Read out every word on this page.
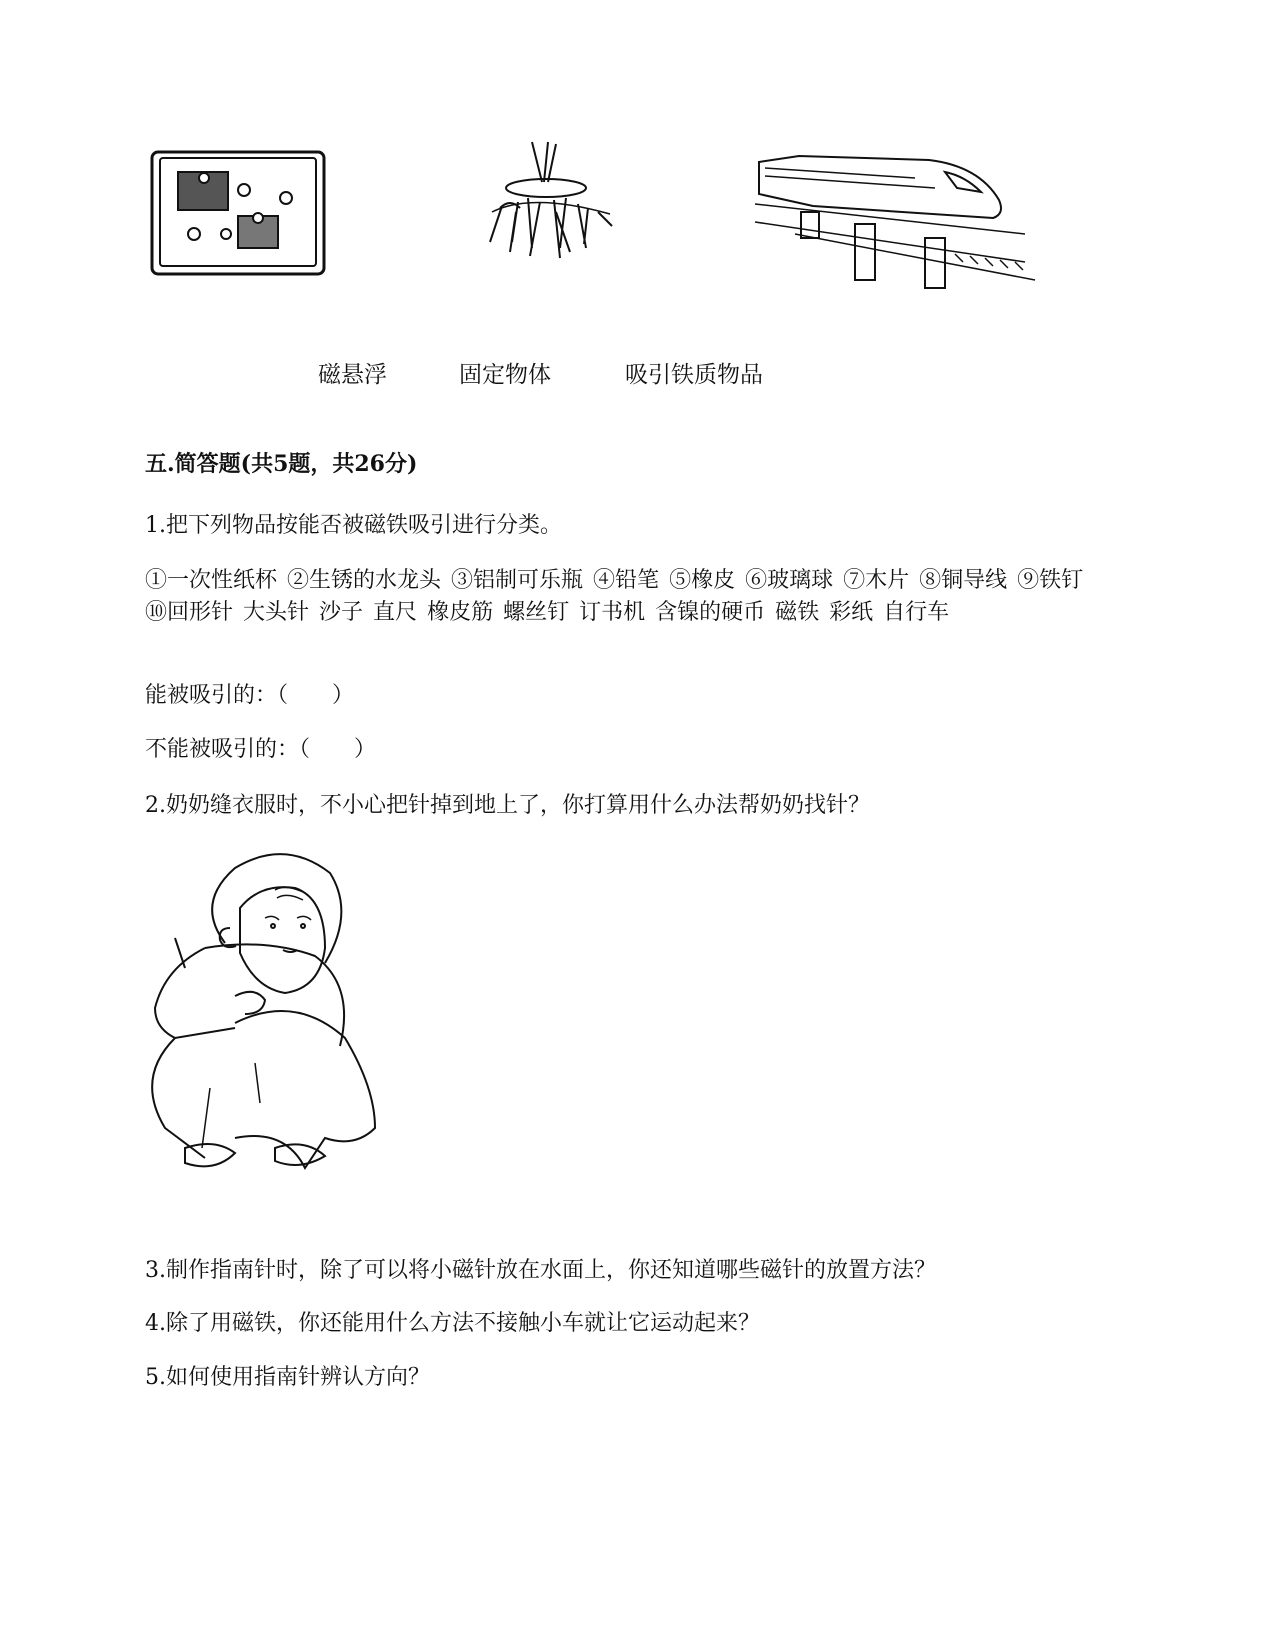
磁悬浮	固定物体	吸引铁质物品
五.简答题(共5题，共26分)
1.把下列物品按能否被磁铁吸引进行分类。
①一次性纸杯 ②生锈的水龙头 ③铝制可乐瓶 ④铅笔 ⑤橡皮 ⑥玻璃球 ⑦木片 ⑧铜导线 ⑨铁钉⑩回形针 大头针 沙子 直尺 橡皮筋 螺丝钉 订书机 含镍的硬币 磁铁 彩纸 自行车
能被吸引的：（　　）
不能被吸引的：（　　）
2.奶奶缝衣服时，不小心把针掉到地上了，你打算用什么办法帮奶奶找针？
3.制作指南针时，除了可以将小磁针放在水面上，你还知道哪些磁针的放置方法？
4.除了用磁铁，你还能用什么方法不接触小车就让它运动起来？
5.如何使用指南针辨认方向？
